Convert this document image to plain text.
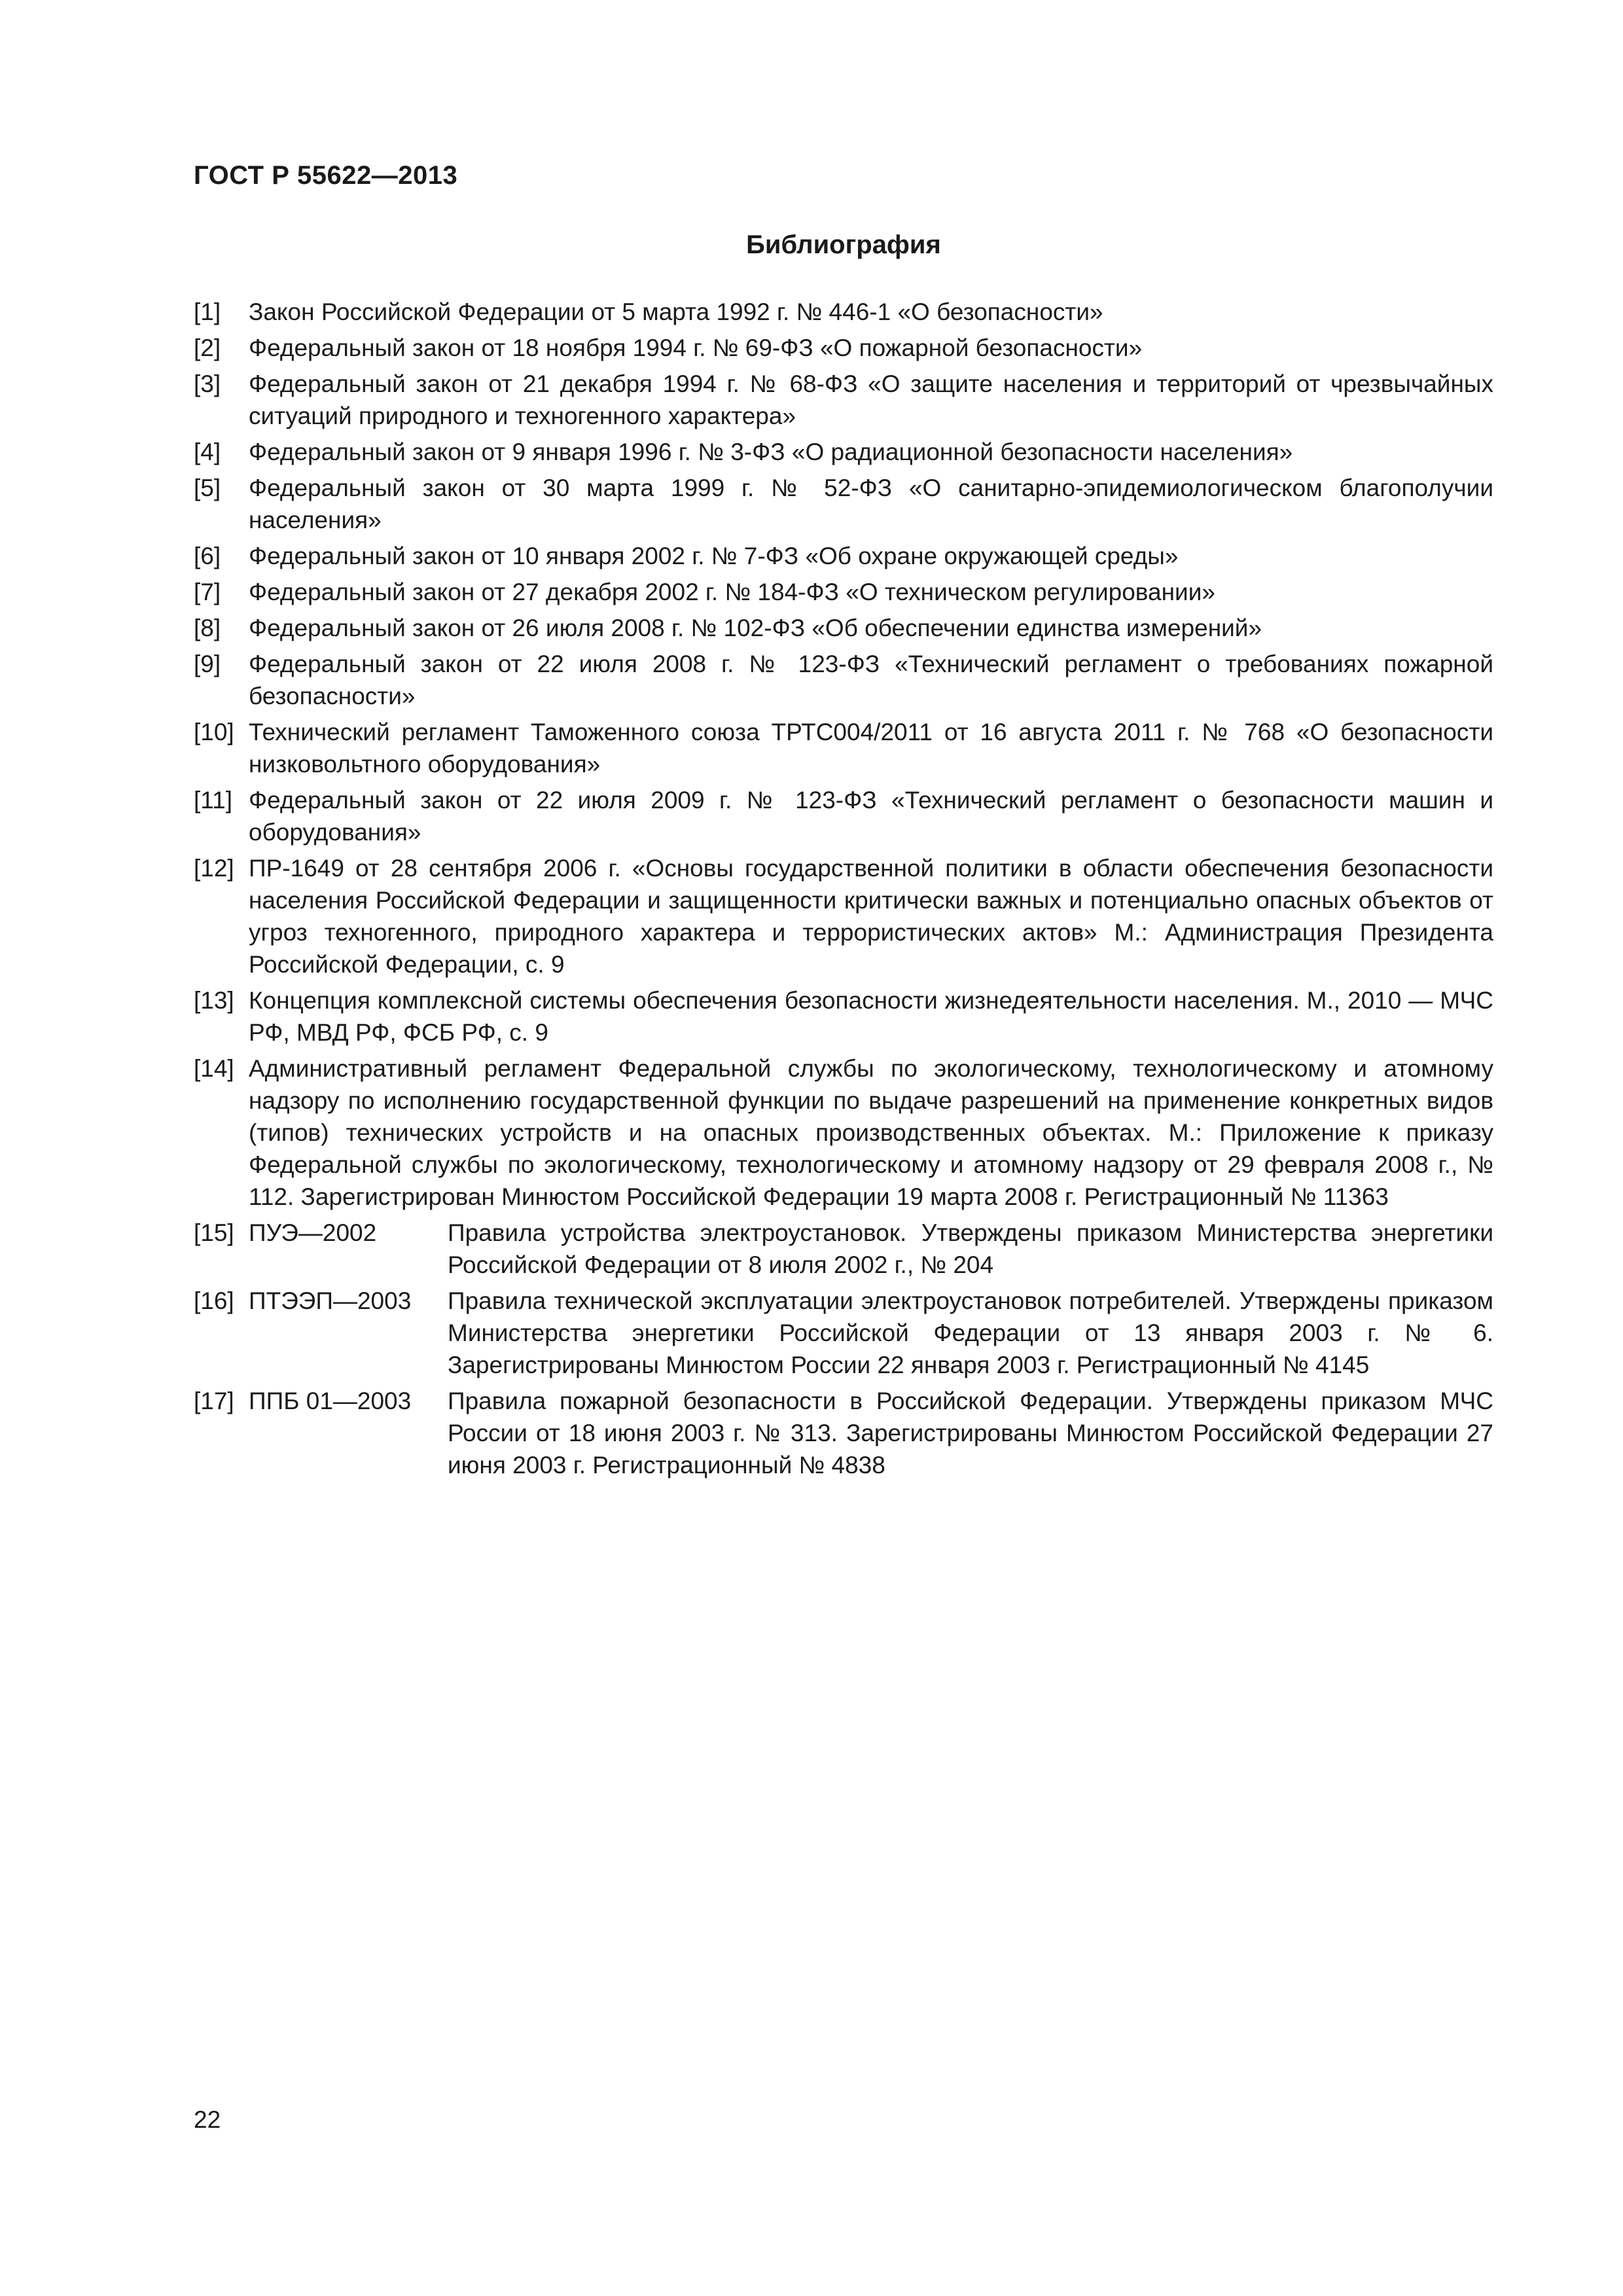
ГОСТ Р 55622—2013
Библиография
[1] Закон Российской Федерации от 5 марта 1992 г. № 446-1 «О безопасности»
[2] Федеральный закон от 18 ноября 1994 г. № 69-ФЗ «О пожарной безопасности»
[3] Федеральный закон от 21 декабря 1994 г. № 68-ФЗ «О защите населения и территорий от чрезвычайных ситуаций природного и техногенного характера»
[4] Федеральный закон от 9 января 1996 г. № 3-ФЗ «О радиационной безопасности населения»
[5] Федеральный закон от 30 марта 1999 г. № 52-ФЗ «О санитарно-эпидемиологическом благополучии населения»
[6] Федеральный закон от 10 января 2002 г. № 7-ФЗ «Об охране окружающей среды»
[7] Федеральный закон от 27 декабря 2002 г. № 184-ФЗ «О техническом регулировании»
[8] Федеральный закон от 26 июля 2008 г. № 102-ФЗ «Об обеспечении единства измерений»
[9] Федеральный закон от 22 июля 2008 г. № 123-ФЗ «Технический регламент о требованиях пожарной безопасности»
[10] Технический регламент Таможенного союза ТРТС004/2011 от 16 августа 2011 г. № 768 «О безопасности низковольтного оборудования»
[11] Федеральный закон от 22 июля 2009 г. № 123-ФЗ «Технический регламент о безопасности машин и оборудования»
[12] ПР-1649 от 28 сентября 2006 г. «Основы государственной политики в области обеспечения безопасности населения Российской Федерации и защищенности критически важных и потенциально опасных объектов от угроз техногенного, природного характера и террористических актов» М.: Администрация Президента Российской Федерации, с. 9
[13] Концепция комплексной системы обеспечения безопасности жизнедеятельности населения. М., 2010 — МЧС РФ, МВД РФ, ФСБ РФ, с. 9
[14] Административный регламент Федеральной службы по экологическому, технологическому и атомному надзору по исполнению государственной функции по выдаче разрешений на применение конкретных видов (типов) технических устройств и на опасных производственных объектах. М.: Приложение к приказу Федеральной службы по экологическому, технологическому и атомному надзору от 29 февраля 2008 г., № 112. Зарегистрирован Минюстом Российской Федерации 19 марта 2008 г. Регистрационный № 11363
[15] ПУЭ—2002	Правила устройства электроустановок. Утверждены приказом Министерства энергетики Российской Федерации от 8 июля 2002 г., № 204
[16] ПТЭЭП—2003 Правила технической эксплуатации электроустановок потребителей. Утверждены приказом Министерства энергетики Российской Федерации от 13 января 2003 г. № 6. Зарегистрированы Минюстом России 22 января 2003 г. Регистрационный № 4145
[17] ППБ 01—2003 Правила пожарной безопасности в Российской Федерации. Утверждены приказом МЧС России от 18 июня 2003 г. № 313. Зарегистрированы Минюстом Российской Федерации 27 июня 2003 г. Регистрационный № 4838
22
